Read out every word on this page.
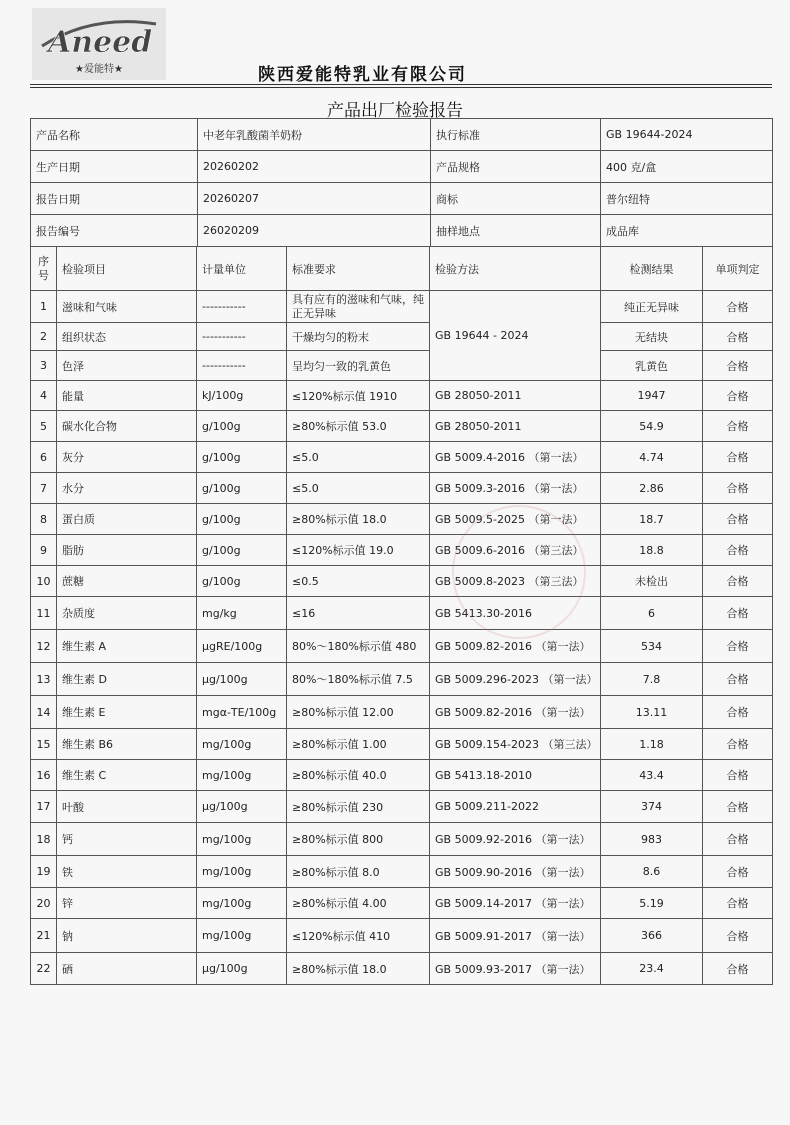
Aneed
★爱能特★	陕西爱能特乳业有限公司
产品出厂检验报告
产品名称	中老年乳酸菌羊奶粉	执行标准	GB 19644-2024
生产日期	20260202	产品规格	400 克/盒
报告日期	20260207	商标	普尔纽特
报告编号	26020209	抽样地点	成品库
序号	检验项目	计量单位	标准要求	检验方法	检测结果	单项判定
1	滋味和气味	-----------	具有应有的滋味和气味，纯正无异味	GB 19644 - 2024	纯正无异味	合格
2	组织状态	-----------	干燥均匀的粉末		无结块	合格
3	色泽	-----------	呈均匀一致的乳黄色		乳黄色	合格
4	能量	kJ/100g	≤120%标示值 1910	GB 28050-2011	1947	合格
5	碳水化合物	g/100g	≥80%标示值 53.0	GB 28050-2011	54.9	合格
6	灰分	g/100g	≤5.0	GB 5009.4-2016 （第一法）	4.74	合格
7	水分	g/100g	≤5.0	GB 5009.3-2016 （第一法）	2.86	合格
8	蛋白质	g/100g	≥80%标示值 18.0	GB 5009.5-2025 （第一法）	18.7	合格
9	脂肪	g/100g	≤120%标示值 19.0	GB 5009.6-2016 （第三法）	18.8	合格
10	蔗糖	g/100g	≤0.5	GB 5009.8-2023 （第三法）	未检出	合格
11	杂质度	mg/kg	≤16	GB 5413.30-2016	6	合格
12	维生素 A	μgRE/100g	80%～180%标示值 480	GB 5009.82-2016 （第一法）	534	合格
13	维生素 D	μg/100g	80%～180%标示值 7.5	GB 5009.296-2023 （第一法）	7.8	合格
14	维生素 E	mgα-TE/100g	≥80%标示值 12.00	GB 5009.82-2016 （第一法）	13.11	合格
15	维生素 B6	mg/100g	≥80%标示值 1.00	GB 5009.154-2023 （第三法）	1.18	合格
16	维生素 C	mg/100g	≥80%标示值 40.0	GB 5413.18-2010	43.4	合格
17	叶酸	μg/100g	≥80%标示值 230	GB 5009.211-2022	374	合格
18	钙	mg/100g	≥80%标示值 800	GB 5009.92-2016 （第一法）	983	合格
19	铁	mg/100g	≥80%标示值 8.0	GB 5009.90-2016 （第一法）	8.6	合格
20	锌	mg/100g	≥80%标示值 4.00	GB 5009.14-2017 （第一法）	5.19	合格
21	钠	mg/100g	≤120%标示值 410	GB 5009.91-2017 （第一法）	366	合格
22	硒	μg/100g	≥80%标示值 18.0	GB 5009.93-2017 （第一法）	23.4	合格
